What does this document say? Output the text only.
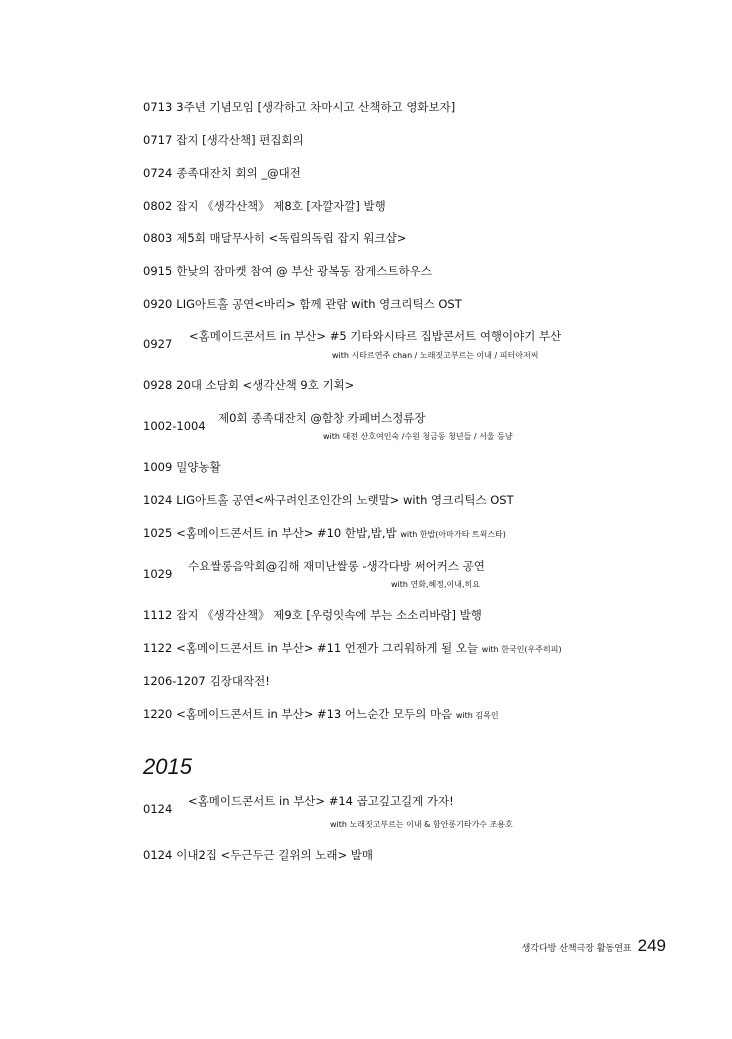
0713 3주년 기념모임 [생각하고 차마시고 산책하고 영화보자]
0717 잡지 [생각산책] 편집회의
0724 종족대잔치 회의 _@대전
0802 잡지 《생각산책》 제8호 [자깔자깔] 발행
0803 제5회 매달무사히 <독립의독립 잡지 워크샵>
0915 한낮의 잠마켓 참여 @ 부산 광복동 잠게스트하우스
0920 LIG아트홀 공연<바리> 함께 관람 with 영크리틱스 OST
0927
<홈메이드콘서트 in 부산> #5 기타와시타르 집밥콘서트 여행이야기 부산
with 시타르연주 chan / 노래짓고부르는 이내 / 피터아저씨
0928 20대 소담회 <생각산책 9호 기획>
1002-1004
제0회 종족대잔치 @함창 카페버스정류장
with 대전 산호여인숙 /수원 청금동 청년들 / 서울 등냥
1009 밀양농활
1024 LIG아트홀 공연<싸구려인조인간의 노랫말> with 영크리틱스 OST
1025 <홈메이드콘서트 in 부산> #10 한밥,밥,밥 with 한밥(아마가타 트윅스타)
1029
수요쌀롱음악회@김해 재미난쌀롱 -생각다방 써어커스 공연
with 연화,혜정,이내,히요
1112 잡지 《생각산책》 제9호 [우렁잇속에 부는 소소리바람] 발행
1122 <홈메이드콘서트 in 부산> #11 언젠가 그리워하게 될 오늘 with 한국인(우주히피)
1206-1207 김장대작전!
1220 <홈메이드콘서트 in 부산> #13 어느순간 모두의 마음 with 김목인
2015
0124
<홈메이드콘서트 in 부산> #14 곱고깊고길게 가자!
with 노래짓고부르는 이내 & 함안롱기타가수 조용호
0124 이내2집 <두근두근 길위의 노래> 발매
생각다방 산책극장 활동연표 249
